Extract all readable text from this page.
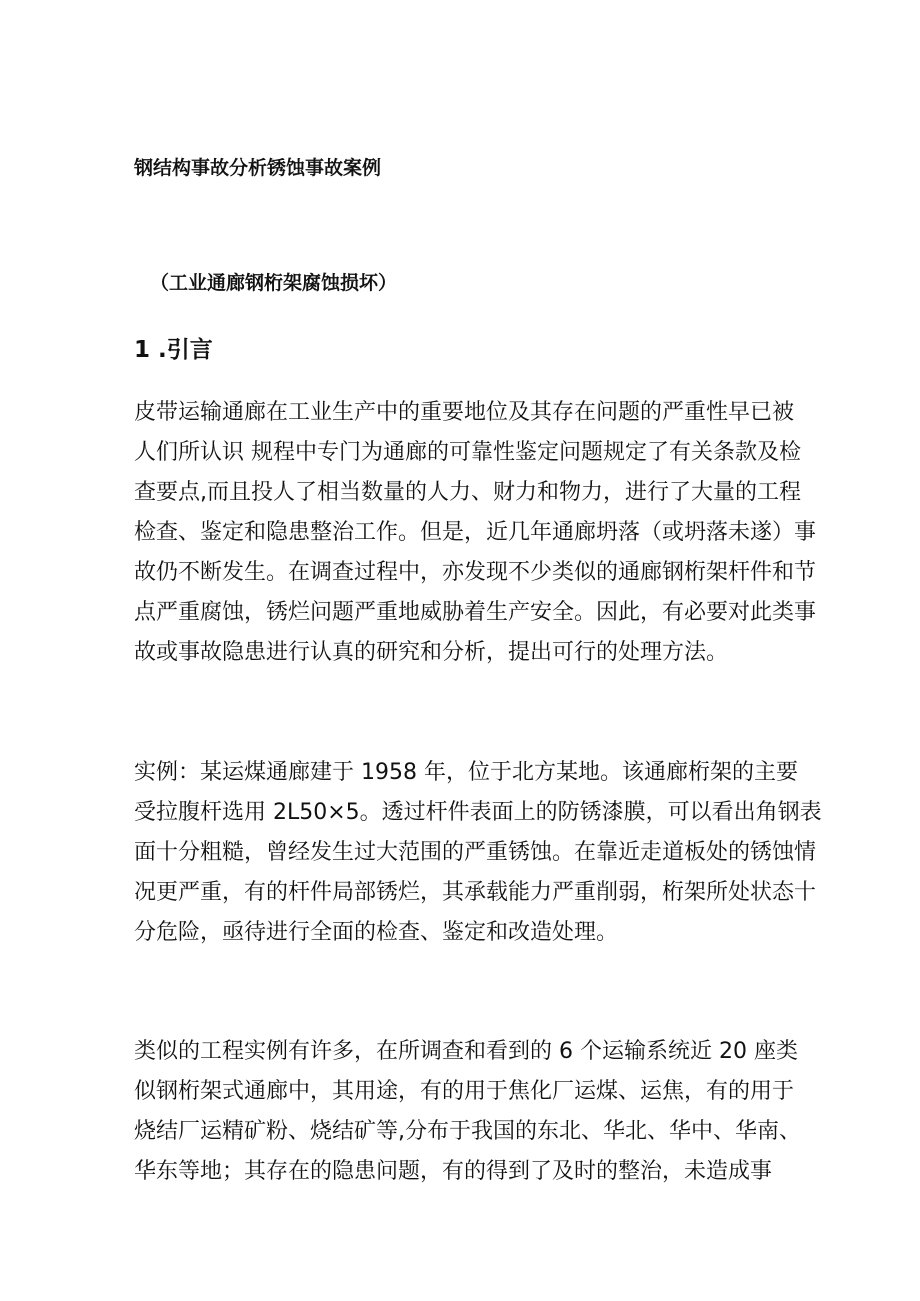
钢结构事故分析锈蚀事故案例
（工业通廊钢桁架腐蚀损坏）
1 .引言
皮带运输通廊在工业生产中的重要地位及其存在问题的严重性早已被
人们所认识 规程中专门为通廊的可靠性鉴定问题规定了有关条款及检
查要点,而且投人了相当数量的人力、财力和物力，进行了大量的工程
检查、鉴定和隐患整治工作。但是，近几年通廊坍落（或坍落未遂）事
故仍不断发生。在调查过程中，亦发现不少类似的通廊钢桁架杆件和节
点严重腐蚀，锈烂问题严重地威胁着生产安全。因此，有必要对此类事
故或事故隐患进行认真的研究和分析，提出可行的处理方法。
实例：某运煤通廊建于 1958 年，位于北方某地。该通廊桁架的主要
受拉腹杆选用 2L50×5。透过杆件表面上的防锈漆膜，可以看出角钢表
面十分粗糙，曾经发生过大范围的严重锈蚀。在靠近走道板处的锈蚀情
况更严重，有的杆件局部锈烂，其承载能力严重削弱，桁架所处状态十
分危险，亟待进行全面的检查、鉴定和改造处理。
类似的工程实例有许多，在所调查和看到的 6 个运输系统近 20 座类
似钢桁架式通廊中，其用途，有的用于焦化厂运煤、运焦，有的用于
烧结厂运精矿粉、烧结矿等,分布于我国的东北、华北、华中、华南、
华东等地；其存在的隐患问题，有的得到了及时的整治，未造成事
